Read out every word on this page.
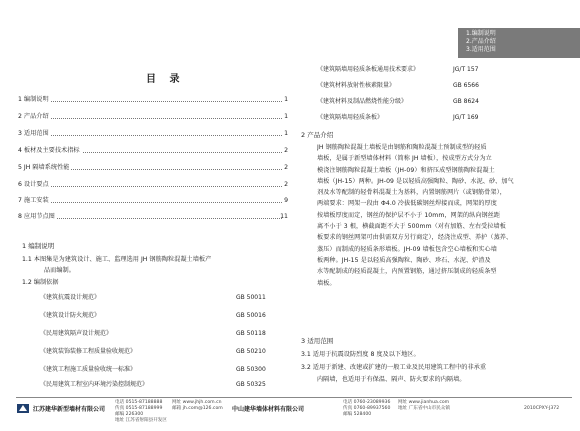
1.编制说明
2.产品介绍
3.适用范围
目 录
1 编制说明	1
2 产品介绍	1
3 适用范围	1
4 板材及主要技术指标	2
5 JH 隔墙系统性能	2
6 设计要点	2
7 施工安装	9
8 应用节点图	11
1 编制说明
1.1 本图集是为建筑设计、施工、监理选用 JH 钢筋陶粒混凝土墙板产
品而编制。
1.2 编制依据
《建筑抗震设计规范》	GB 50011
《建筑设计防火规范》	GB 50016
《民用建筑隔声设计规范》	GB 50118
《建筑装饰装修工程质量验收规范》	GB 50210
《建筑工程施工质量验收统一标准》	GB 50300
《民用建筑工程室内环境污染控制规范》	GB 50325
《建筑隔墙用轻质条板通用技术要求》	JG/T 157
《建筑材料放射性核素限量》	GB 6566
《建筑材料及制品燃烧性能分级》	GB 8624
《建筑隔墙用轻质条板》	JG/T 169
2 产品介绍
JH 钢筋陶粒混凝土墙板是由钢筋和陶粒混凝土预制成型的轻质
墙板，是属于新型墙体材料（简称 JH 墙板），按成型方式分为立
模浇注钢筋陶粒混凝土墙板（JH-09）和挤压成型钢筋陶粒混凝土
墙板（JH-15）两种。JH-09 是以轻质高强陶粒、陶砂、水泥、砂、加气
剂及水等配制的轻骨料混凝土为基料，内置钢筋网片（或钢筋骨架），
两端要求：网架一段由 Φ4.0 冷拔低碳钢丝焊接而成，网架的厚度
按墙板厚度而定，钢丝的保护层不小于 10mm，网架的纵向钢丝距
离不小于 3 根，横截面距不大于 500mm（对有加筋、左右受拉墙板
板要求的钢丝网架可由供需双方另行商定），经浇注成型、养护（蒸养、
蒸压）而制成的轻质条形墙板。JH-09 墙板包含空心墙板和实心墙
板两种。JH-15 是以轻质高强陶粒、陶砂、珍石、水泥、炉渣及
水等配制成的轻质混凝土，内预置钢筋，通过挤压制成的轻质条型
墙板。
3 适用范围
3.1 适用于抗震设防烈度 8 度及以下地区。
3.2 适用于新建、改建或扩建的一般工业及民用建筑工程中的非承重
内隔墙，也适用于有保温、隔声、防火要求的内隔墙。
江苏建华新型墙材有限公司
电话 0515-87188888
传真 0515-87188999
邮编 226300
网址 www.jhjh.com.cn
邮箱 jh.com@126.com
地址 江苏省射阳县开发区
中山建华墙体材料有限公司
电话 0760-23089936
传真 0760-89937560
邮编 528400
网址 www.jianhua.com
地址 广东省中山市民众镇	2010CPXY-J372
